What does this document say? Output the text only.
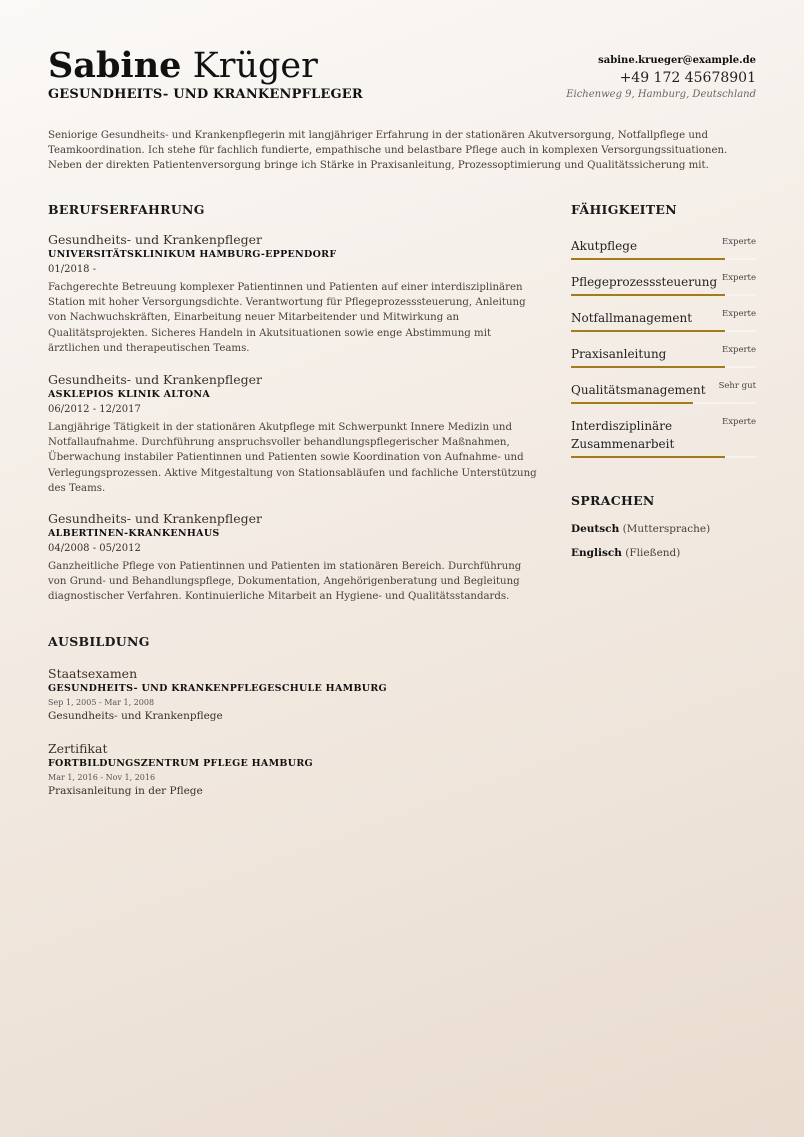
Sabine Krüger
GESUNDHEITS- UND KRANKENPFLEGER
sabine.krueger@example.de
+49 172 45678901
Eichenweg 9, Hamburg, Deutschland
Seniorige Gesundheits- und Krankenpflegerin mit langjähriger Erfahrung in der stationären Akutversorgung, Notfallpflege und Teamkoordination. Ich stehe für fachlich fundierte, empathische und belastbare Pflege auch in komplexen Versorgungssituationen. Neben der direkten Patientenversorgung bringe ich Stärke in Praxisanleitung, Prozessoptimierung und Qualitätssicherung mit.
BERUFSERFAHRUNG
Gesundheits- und Krankenpfleger
UNIVERSITÄTSKLINIKUM HAMBURG-EPPENDORF
01/2018 -
Fachgerechte Betreuung komplexer Patientinnen und Patienten auf einer interdisziplinären Station mit hoher Versorgungsdichte. Verantwortung für Pflegeprozesssteuerung, Anleitung von Nachwuchskräften, Einarbeitung neuer Mitarbeitender und Mitwirkung an Qualitätsprojekten. Sicheres Handeln in Akutsituationen sowie enge Abstimmung mit ärztlichen und therapeutischen Teams.
Gesundheits- und Krankenpfleger
ASKLEPIOS KLINIK ALTONA
06/2012 - 12/2017
Langjährige Tätigkeit in der stationären Akutpflege mit Schwerpunkt Innere Medizin und Notfallaufnahme. Durchführung anspruchsvoller behandlungspflegerischer Maßnahmen, Überwachung instabiler Patientinnen und Patienten sowie Koordination von Aufnahme- und Verlegungsprozessen. Aktive Mitgestaltung von Stationsabläufen und fachliche Unterstützung des Teams.
Gesundheits- und Krankenpfleger
ALBERTINEN-KRANKENHAUS
04/2008 - 05/2012
Ganzheitliche Pflege von Patientinnen und Patienten im stationären Bereich. Durchführung von Grund- und Behandlungspflege, Dokumentation, Angehörigenberatung und Begleitung diagnostischer Verfahren. Kontinuierliche Mitarbeit an Hygiene- und Qualitätsstandards.
AUSBILDUNG
Staatsexamen
GESUNDHEITS- UND KRANKENPFLEGESCHULE HAMBURG
Sep 1, 2005 - Mar 1, 2008
Gesundheits- und Krankenpflege
Zertifikat
FORTBILDUNGSZENTRUM PFLEGE HAMBURG
Mar 1, 2016 - Nov 1, 2016
Praxisanleitung in der Pflege
FÄHIGKEITEN
Akutpflege	Experte
Pflegeprozesssteuerung Experte
Notfallmanagement	Experte
Praxisanleitung	Experte
Qualitätsmanagement	Sehr gut
Interdisziplinäre Zusammenarbeit
Experte
SPRACHEN
Deutsch (Muttersprache)
Englisch (Fließend)
